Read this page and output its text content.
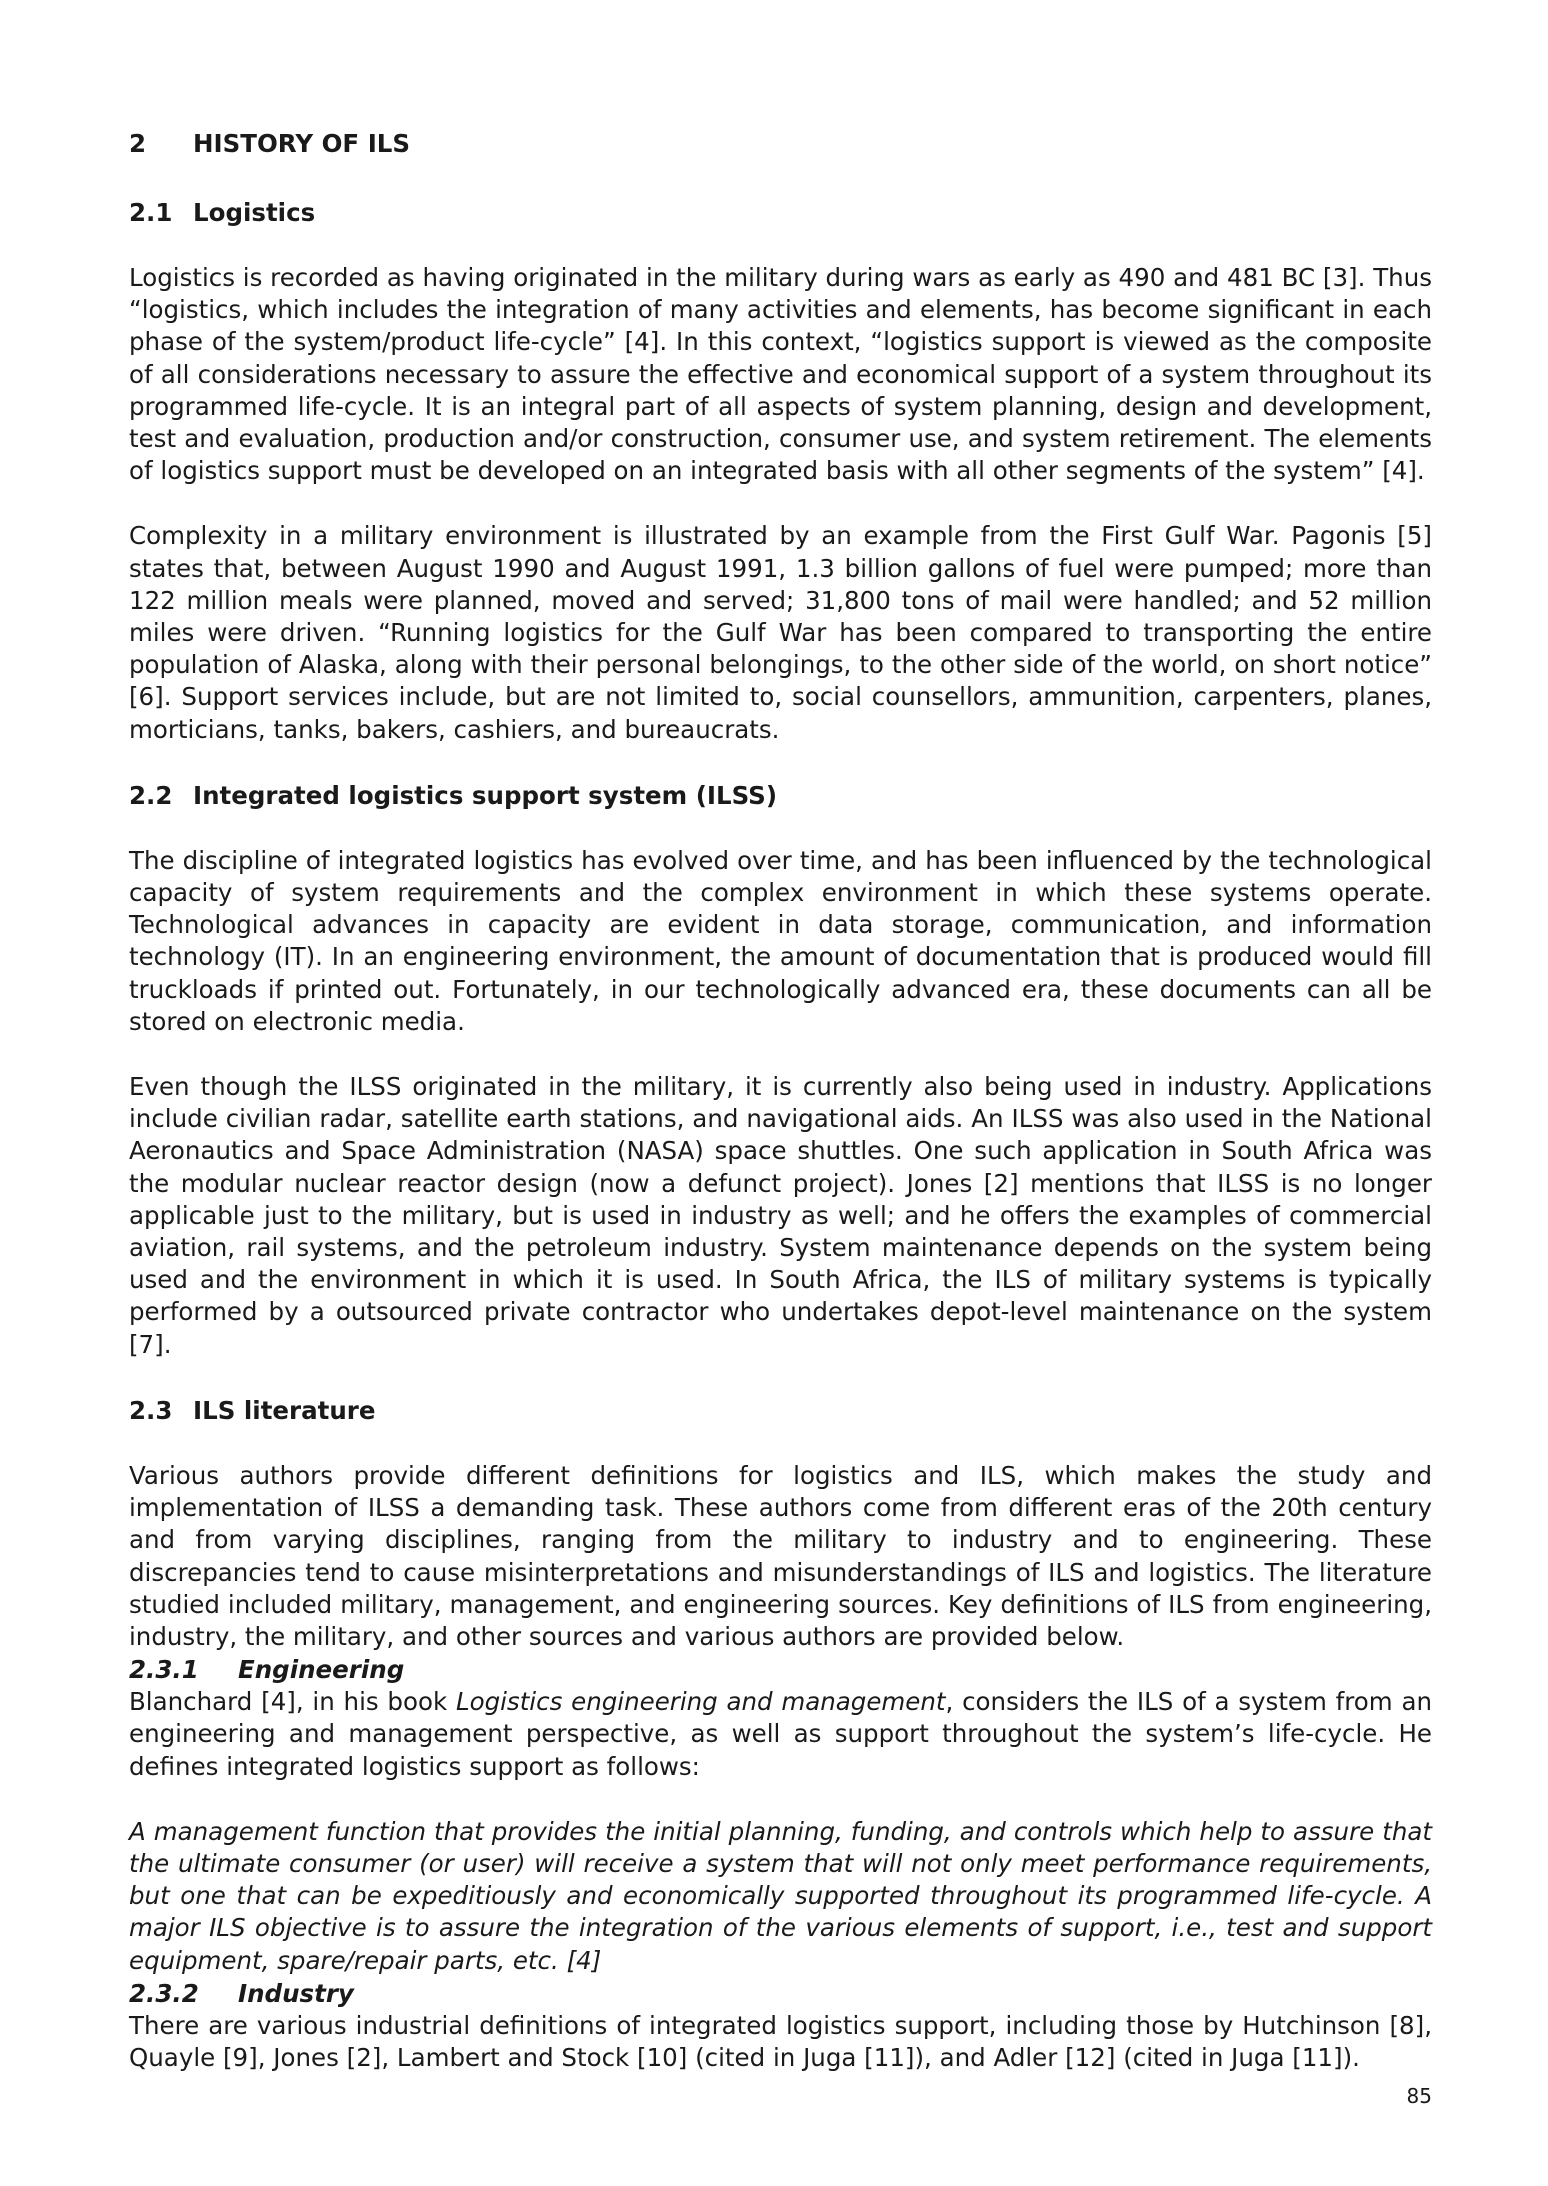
2 HISTORY OF ILS
2.1 Logistics

Logistics is recorded as having originated in the military during wars as early as 490 and 481 BC [3]. Thus “logistics, which includes the integration of many activities and elements, has become significant in each phase of the system/product life-cycle” [4]. In this context, “logistics support is viewed as the composite of all considerations necessary to assure the effective and economical support of a system throughout its programmed life-cycle. It is an integral part of all aspects of system planning, design and development, test and evaluation, production and/or construction, consumer use, and system retirement. The elements of logistics support must be developed on an integrated basis with all other segments of the system” [4].

Complexity in a military environment is illustrated by an example from the First Gulf War. Pagonis [5] states that, between August 1990 and August 1991, 1.3 billion gallons of fuel were pumped; more than 122 million meals were planned, moved and served; 31,800 tons of mail were handled; and 52 million miles were driven. “Running logistics for the Gulf War has been compared to transporting the entire population of Alaska, along with their personal belongings, to the other side of the world, on short notice” [6]. Support services include, but are not limited to, social counsellors, ammunition, carpenters, planes, morticians, tanks, bakers, cashiers, and bureaucrats.

2.2 Integrated logistics support system (ILSS)

The discipline of integrated logistics has evolved over time, and has been influenced by the technological capacity of system requirements and the complex environment in which these systems operate. Technological advances in capacity are evident in data storage, communication, and information technology (IT). In an engineering environment, the amount of documentation that is produced would fill truckloads if printed out. Fortunately, in our technologically advanced era, these documents can all be stored on electronic media.

Even though the ILSS originated in the military, it is currently also being used in industry. Applications include civilian radar, satellite earth stations, and navigational aids. An ILSS was also used in the National Aeronautics and Space Administration (NASA) space shuttles. One such application in South Africa was the modular nuclear reactor design (now a defunct project). Jones [2] mentions that ILSS is no longer applicable just to the military, but is used in industry as well; and he offers the examples of commercial aviation, rail systems, and the petroleum industry. System maintenance depends on the system being used and the environment in which it is used. In South Africa, the ILS of military systems is typically performed by a outsourced private contractor who undertakes depot-level maintenance on the system [7].

2.3 ILS literature

Various authors provide different definitions for logistics and ILS, which makes the study and implementation of ILSS a demanding task. These authors come from different eras of the 20th century and from varying disciplines, ranging from the military to industry and to engineering. These discrepancies tend to cause misinterpretations and misunderstandings of ILS and logistics. The literature studied included military, management, and engineering sources. Key definitions of ILS from engineering, industry, the military, and other sources and various authors are provided below.

2.3.1 Engineering

Blanchard [4], in his book Logistics engineering and management, considers the ILS of a system from an engineering and management perspective, as well as support throughout the system’s life-cycle. He defines integrated logistics support as follows:

A management function that provides the initial planning, funding, and controls which help to assure that the ultimate consumer (or user) will receive a system that will not only meet performance requirements, but one that can be expeditiously and economically supported throughout its programmed life-cycle. A major ILS objective is to assure the integration of the various elements of support, i.e., test and support equipment, spare/repair parts, etc. [4]

2.3.2 Industry

There are various industrial definitions of integrated logistics support, including those by Hutchinson [8], Quayle [9], Jones [2], Lambert and Stock [10] (cited in Juga [11]), and Adler [12] (cited in Juga [11]).

85
